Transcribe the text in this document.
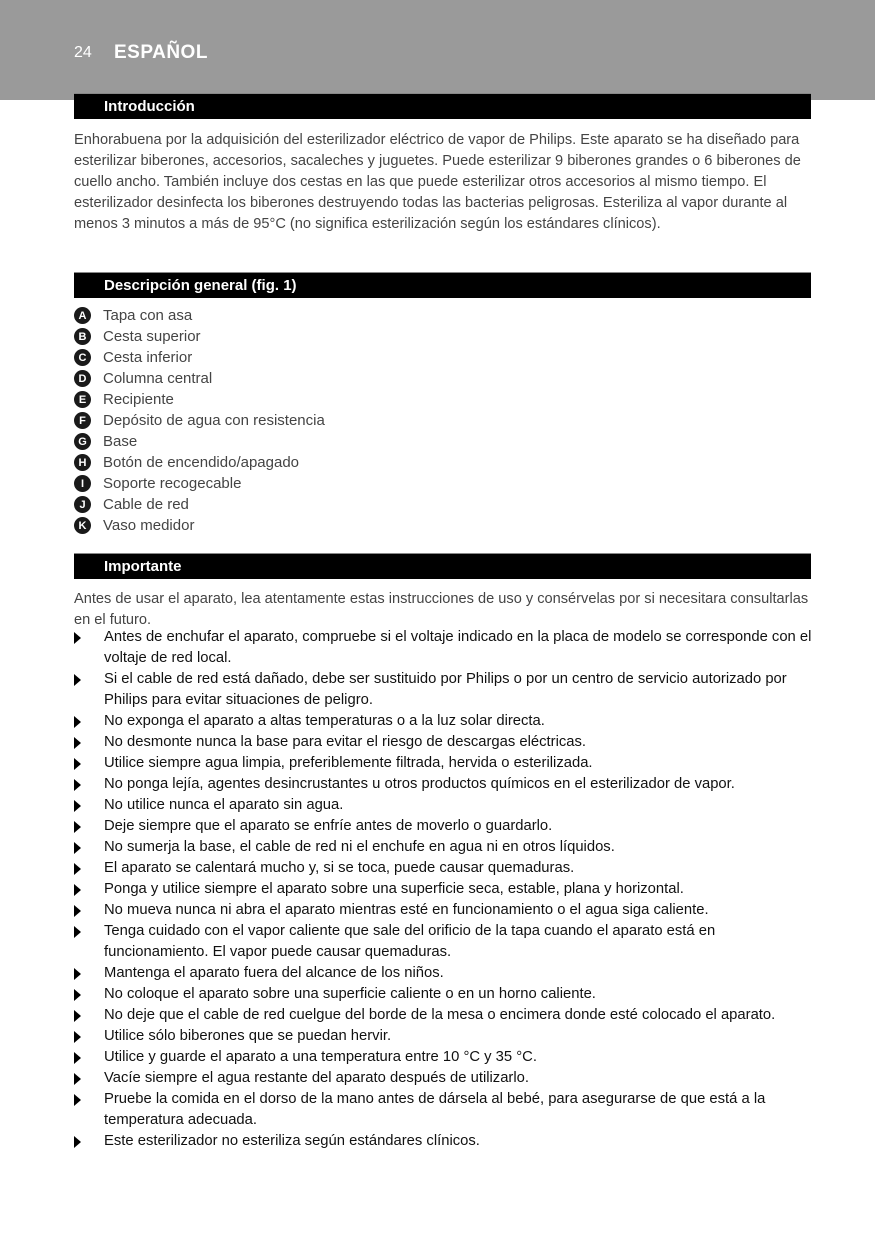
24 ESPAÑOL
Introducción

Enhorabuena por la adquisición del esterilizador eléctrico de vapor de Philips. Este aparato se ha diseñado para esterilizar biberones, accesorios, sacaleches y juguetes. Puede esterilizar 9 biberones grandes o 6 biberones de cuello ancho. También incluye dos cestas en las que puede esterilizar otros accesorios al mismo tiempo. El esterilizador desinfecta los biberones destruyendo todas las bacterias peligrosas. Esteriliza al vapor durante al menos 3 minutos a más de 95°C (no significa esterilización según los estándares clínicos).

Descripción general (fig. 1)
A	Tapa con asa
B	Cesta superior
C	Cesta inferior
D	Columna central
E	Recipiente
F	Depósito de agua con resistencia
G Base
H	Botón de encendido/apagado
I	Soporte recogecable
J	Cable de red
K	Vaso medidor
Importante

Antes de usar el aparato, lea atentamente estas instrucciones de uso y consérvelas por si necesitara consultarlas en el futuro.

Antes de enchufar el aparato, compruebe si el voltaje indicado en la placa de modelo se corresponde con el voltaje de red local.
Si el cable de red está dañado, debe ser sustituido por Philips o por un centro de servicio autorizado por Philips para evitar situaciones de peligro.
No exponga el aparato a altas temperaturas o a la luz solar directa.
No desmonte nunca la base para evitar el riesgo de descargas eléctricas.
Utilice siempre agua limpia, preferiblemente filtrada, hervida o esterilizada.
No ponga lejía, agentes desincrustantes u otros productos químicos en el esterilizador de vapor.
No utilice nunca el aparato sin agua.
Deje siempre que el aparato se enfríe antes de moverlo o guardarlo.
No sumerja la base, el cable de red ni el enchufe en agua ni en otros líquidos.
El aparato se calentará mucho y, si se toca, puede causar quemaduras.
Ponga y utilice siempre el aparato sobre una superficie seca, estable, plana y horizontal.
No mueva nunca ni abra el aparato mientras esté en funcionamiento o el agua siga caliente.
Tenga cuidado con el vapor caliente que sale del orificio de la tapa cuando el aparato está en funcionamiento. El vapor puede causar quemaduras.
Mantenga el aparato fuera del alcance de los niños.
No coloque el aparato sobre una superficie caliente o en un horno caliente.
No deje que el cable de red cuelgue del borde de la mesa o encimera donde esté colocado el aparato.
Utilice sólo biberones que se puedan hervir.
Utilice y guarde el aparato a una temperatura entre 10 °C y 35 °C.
Vacíe siempre el agua restante del aparato después de utilizarlo.
Pruebe la comida en el dorso de la mano antes de dársela al bebé, para asegurarse de que está a la temperatura adecuada.
Este esterilizador no esteriliza según estándares clínicos.
